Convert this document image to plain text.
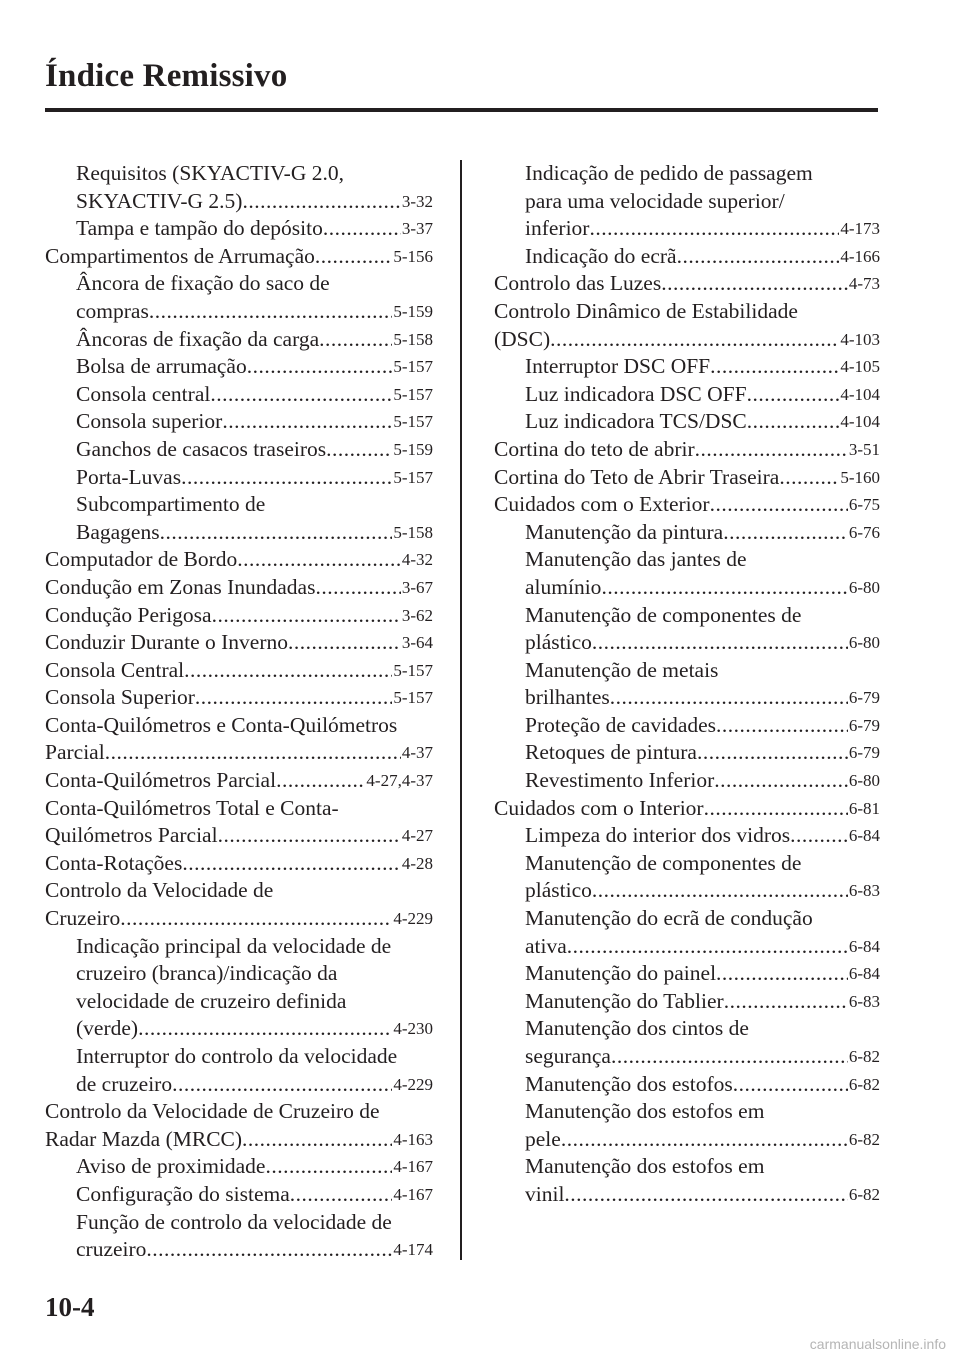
Índice Remissivo
Requisitos (SKYACTIV-G 2.0,
SKYACTIV-G 2.5) .....	3-32
Tampa e tampão do depósito .....	3-37
Compartimentos de Arrumação .....	5-156
Âncora de fixação do saco de
compras .....	5-159
Âncoras de fixação da carga .....	5-158
Bolsa de arrumação .....	5-157
Consola central .....	5-157
Consola superior .....	5-157
Ganchos de casacos traseiros .....	5-159
Porta-Luvas .....	5-157
Subcompartimento de
Bagagens .....	5-158
Computador de Bordo .....	4-32
Condução em Zonas Inundadas .....	3-67
Condução Perigosa .....	3-62
Conduzir Durante o Inverno .....	3-64
Consola Central .....	5-157
Consola Superior .....	5-157
Conta-Quilómetros e Conta-Quilómetros
Parcial .....	4-37
Conta-Quilómetros Parcial .....	4-27,4-37
Conta-Quilómetros Total e Conta-
Quilómetros Parcial .....	4-27
Conta-Rotações .....	4-28
Controlo da Velocidade de
Cruzeiro .....	4-229
Indicação principal da velocidade de
cruzeiro (branca)/indicação da
velocidade de cruzeiro definida
(verde) .....	4-230
Interruptor do controlo da velocidade
de cruzeiro .....	4-229
Controlo da Velocidade de Cruzeiro de
Radar Mazda (MRCC) .....	4-163
Aviso de proximidade .....	4-167
Configuração do sistema .....	4-167
Função de controlo da velocidade de
cruzeiro .....	4-174
Indicação de pedido de passagem
para uma velocidade superior/
inferior .....	4-173
Indicação do ecrã .....	4-166
Controlo das Luzes .....	4-73
Controlo Dinâmico de Estabilidade
(DSC) .....	4-103
Interruptor DSC OFF .....	4-105
Luz indicadora DSC OFF .....	4-104
Luz indicadora TCS/DSC .....	4-104
Cortina do teto de abrir .....	3-51
Cortina do Teto de Abrir Traseira .....	5-160
Cuidados com o Exterior .....	6-75
Manutenção da pintura .....	6-76
Manutenção das jantes de
alumínio .....	6-80
Manutenção de componentes de
plástico .....	6-80
Manutenção de metais
brilhantes .....	6-79
Proteção de cavidades .....	6-79
Retoques de pintura .....	6-79
Revestimento Inferior .....	6-80
Cuidados com o Interior .....	6-81
Limpeza do interior dos vidros .....	6-84
Manutenção de componentes de
plástico .....	6-83
Manutenção do ecrã de condução
ativa .....	6-84
Manutenção do painel .....	6-84
Manutenção do Tablier .....	6-83
Manutenção dos cintos de
segurança .....	6-82
Manutenção dos estofos .....	6-82
Manutenção dos estofos em
pele .....	6-82
Manutenção dos estofos em
vinil .....	6-82
10-4
carmanualsonline.info
